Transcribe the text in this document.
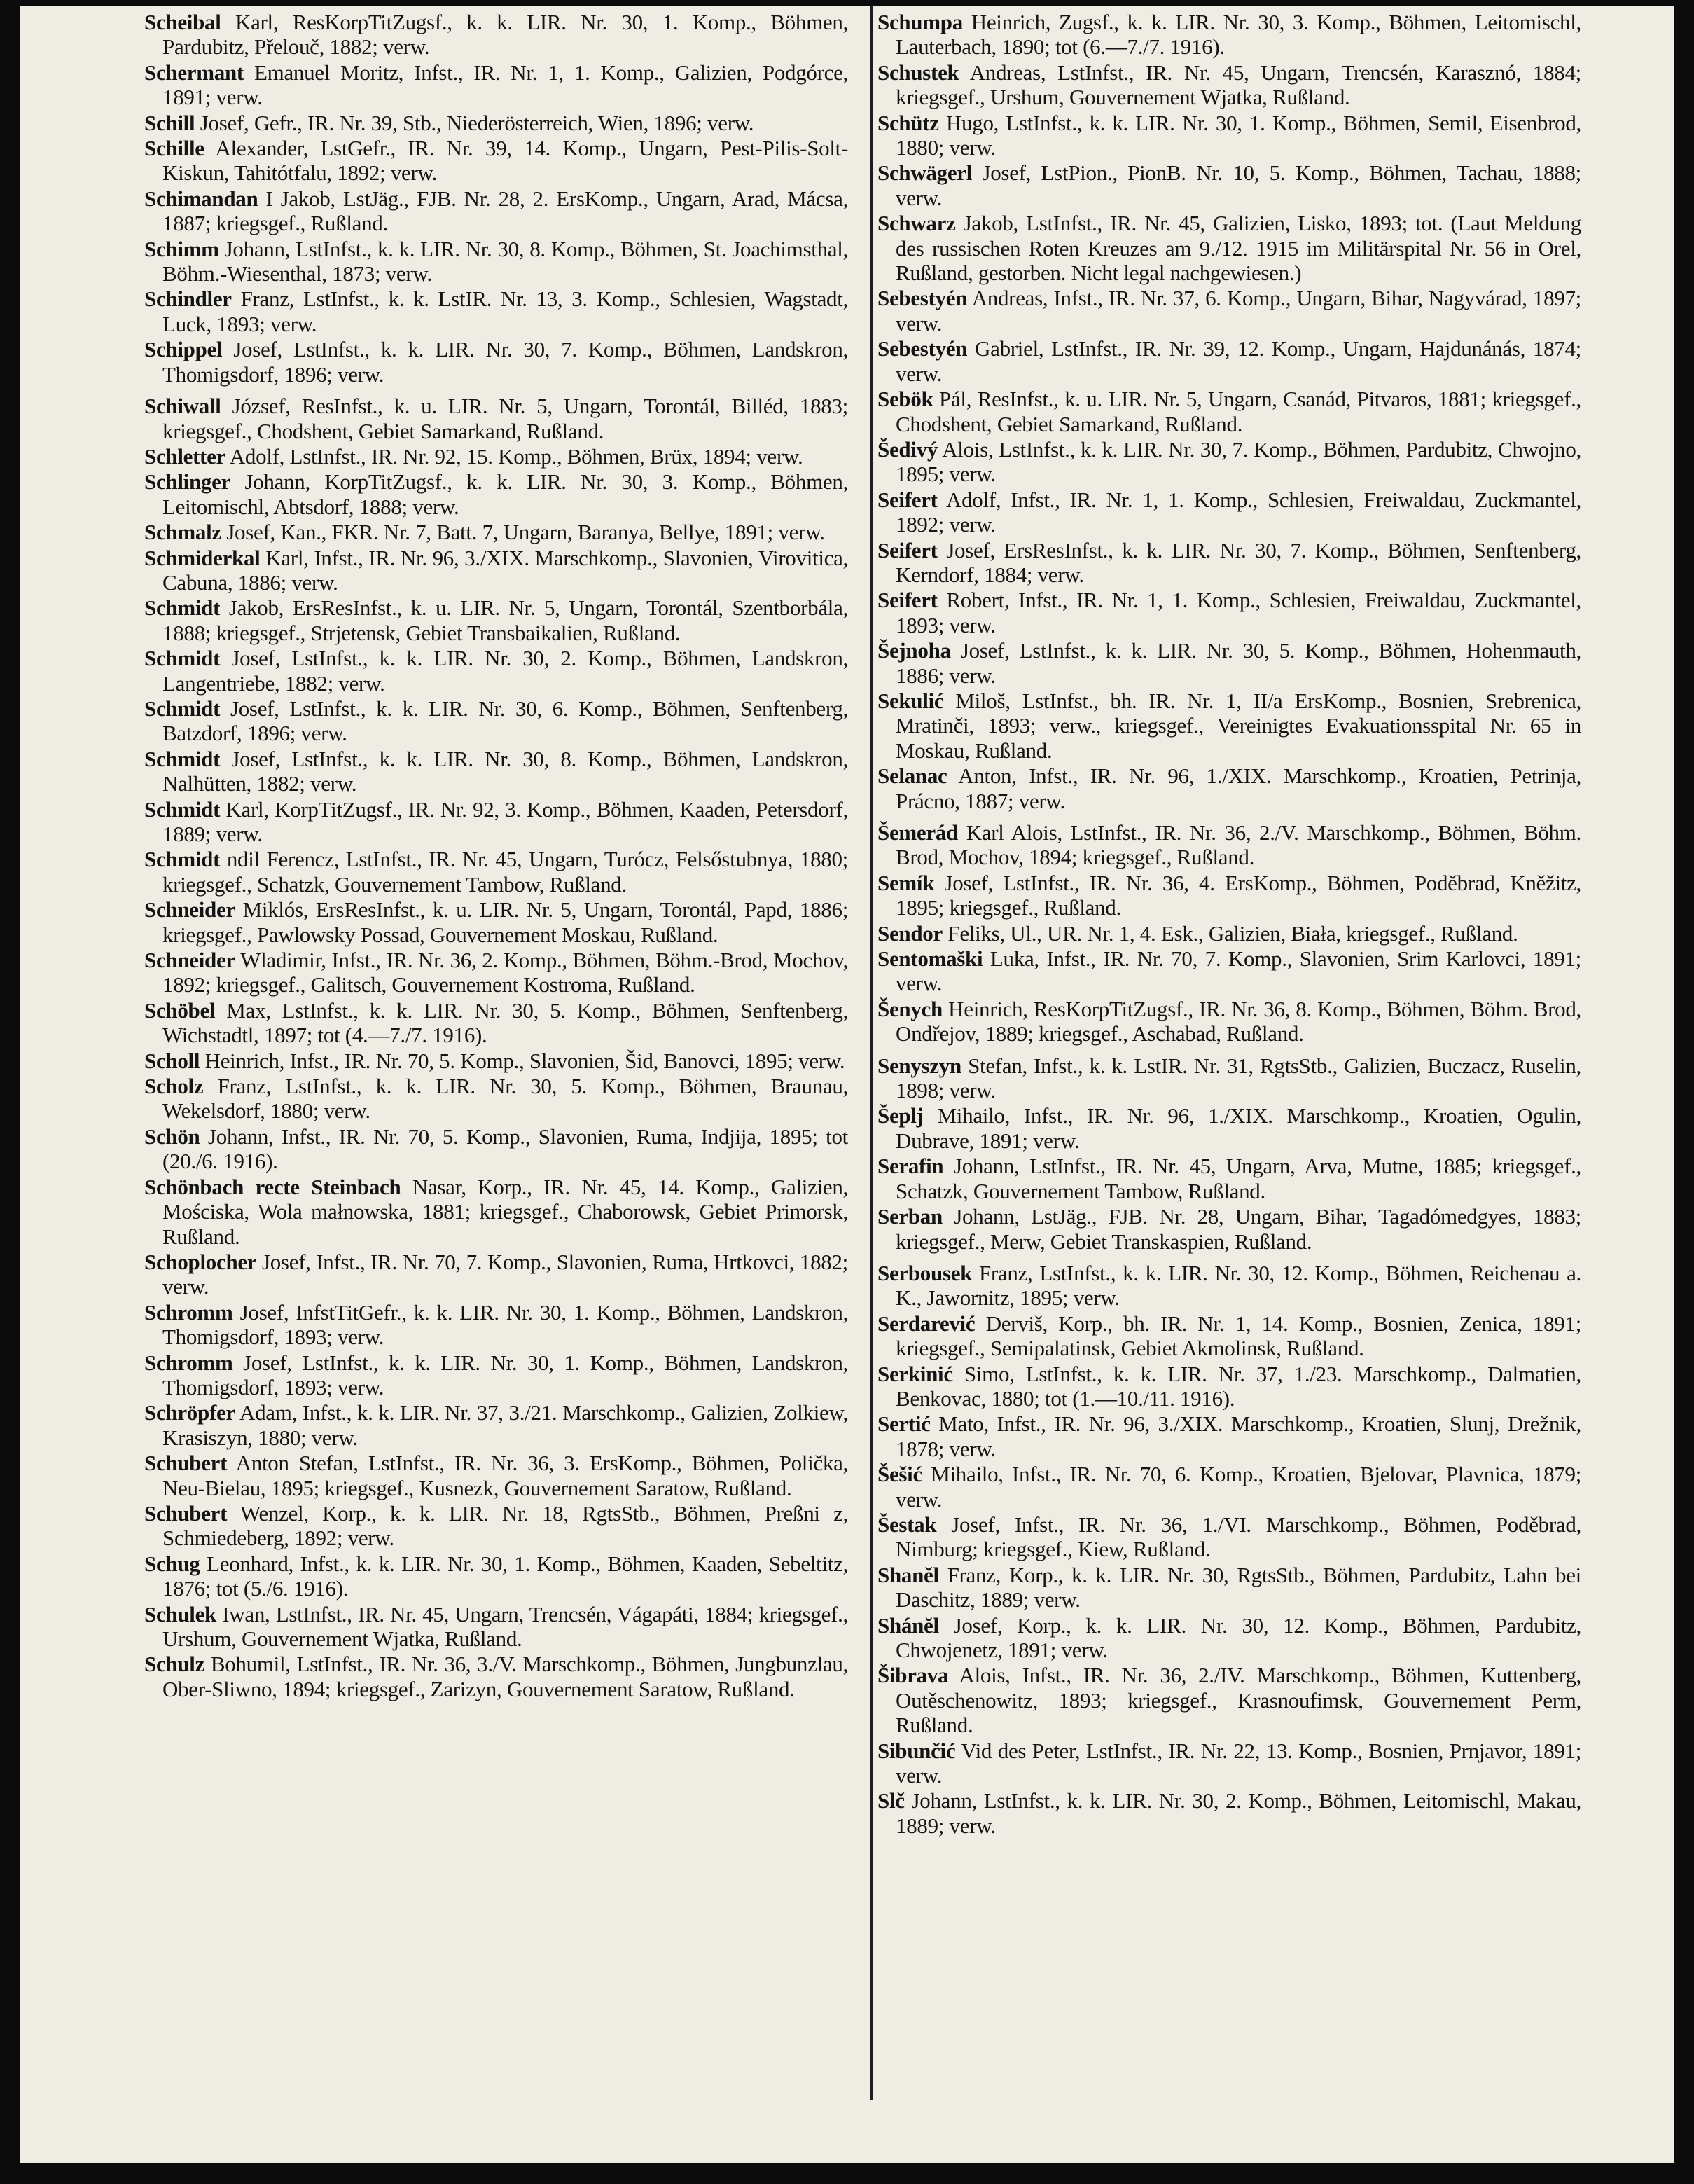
Scheibal Karl, ResKorpTitZugsf., k. k. LIR. Nr. 30, 1. Komp., Böhmen, Pardubitz, Přelouč, 1882; verw.

Schermant Emanuel Moritz, Infst., IR. Nr. 1, 1. Komp., Galizien, Podgórce, 1891; verw.

Schill Josef, Gefr., IR. Nr. 39, Stb., Niederösterreich, Wien, 1896; verw.

Schille Alexander, LstGefr., IR. Nr. 39, 14. Komp., Ungarn, Pest-Pilis-Solt-Kiskun, Tahitótfalu, 1892; verw.

Schimandan I Jakob, LstJäg., FJB. Nr. 28, 2. ErsKomp., Ungarn, Arad, Mácsa, 1887; kriegsgef., Rußland.

Schimm Johann, LstInfst., k. k. LIR. Nr. 30, 8. Komp., Böhmen, St. Joachimsthal, Böhm.-Wiesenthal, 1873; verw.

Schindler Franz, LstInfst., k. k. LstIR. Nr. 13, 3. Komp., Schlesien, Wagstadt, Luck, 1893; verw.

Schippel Josef, LstInfst., k. k. LIR. Nr. 30, 7. Komp., Böhmen, Landskron, Thomigsdorf, 1896; verw.

Schiwall József, ResInfst., k. u. LIR. Nr. 5, Ungarn, Torontál, Billéd, 1883; kriegsgef., Chodshent, Gebiet Samarkand, Rußland.

Schletter Adolf, LstInfst., IR. Nr. 92, 15. Komp., Böhmen, Brüx, 1894; verw.

Schlinger Johann, KorpTitZugsf., k. k. LIR. Nr. 30, 3. Komp., Böhmen, Leitomischl, Abtsdorf, 1888; verw.

Schmalz Josef, Kan., FKR. Nr. 7, Batt. 7, Ungarn, Baranya, Bellye, 1891; verw.

Schmiderkal Karl, Infst., IR. Nr. 96, 3./XIX. Marschkomp., Slavonien, Virovitica, Cabuna, 1886; verw.

Schmidt Jakob, ErsResInfst., k. u. LIR. Nr. 5, Ungarn, Torontál, Szentborbála, 1888; kriegsgef., Strjetensk, Gebiet Transbaikalien, Rußland.

Schmidt Josef, LstInfst., k. k. LIR. Nr. 30, 2. Komp., Böhmen, Landskron, Langentriebe, 1882; verw.

Schmidt Josef, LstInfst., k. k. LIR. Nr. 30, 6. Komp., Böhmen, Senftenberg, Batzdorf, 1896; verw.

Schmidt Josef, LstInfst., k. k. LIR. Nr. 30, 8. Komp., Böhmen, Landskron, Nalhütten, 1882; verw.

Schmidt Karl, KorpTitZugsf., IR. Nr. 92, 3. Komp., Böhmen, Kaaden, Petersdorf, 1889; verw.

Schmidt ndil Ferencz, LstInfst., IR. Nr. 45, Ungarn, Turócz, Felsőstubnya, 1880; kriegsgef., Schatzk, Gouvernement Tambow, Rußland.

Schneider Miklós, ErsResInfst., k. u. LIR. Nr. 5, Ungarn, Torontál, Papd, 1886; kriegsgef., Pawlowsky Possad, Gouvernement Moskau, Rußland.

Schneider Wladimir, Infst., IR. Nr. 36, 2. Komp., Böhmen, Böhm.-Brod, Mochov, 1892; kriegsgef., Galitsch, Gouvernement Kostroma, Rußland.

Schöbel Max, LstInfst., k. k. LIR. Nr. 30, 5. Komp., Böhmen, Senftenberg, Wichstadtl, 1897; tot (4.—7./7. 1916).

Scholl Heinrich, Infst., IR. Nr. 70, 5. Komp., Slavonien, Šid, Banovci, 1895; verw.

Scholz Franz, LstInfst., k. k. LIR. Nr. 30, 5. Komp., Böhmen, Braunau, Wekelsdorf, 1880; verw.

Schön Johann, Infst., IR. Nr. 70, 5. Komp., Slavonien, Ruma, Indjija, 1895; tot (20./6. 1916).

Schönbach recte Steinbach Nasar, Korp., IR. Nr. 45, 14. Komp., Galizien, Mościska, Wola małnowska, 1881; kriegsgef., Chaborowsk, Gebiet Primorsk, Rußland.

Schoplocher Josef, Infst., IR. Nr. 70, 7. Komp., Slavonien, Ruma, Hrtkovci, 1882; verw.

Schromm Josef, InfstTitGefr., k. k. LIR. Nr. 30, 1. Komp., Böhmen, Landskron, Thomigsdorf, 1893; verw.

Schromm Josef, LstInfst., k. k. LIR. Nr. 30, 1. Komp., Böhmen, Landskron, Thomigsdorf, 1893; verw.

Schröpfer Adam, Infst., k. k. LIR. Nr. 37, 3./21. Marschkomp., Galizien, Zolkiew, Krasiszyn, 1880; verw.

Schubert Anton Stefan, LstInfst., IR. Nr. 36, 3. ErsKomp., Böhmen, Polička, Neu-Bielau, 1895; kriegsgef., Kusnezk, Gouvernement Saratow, Rußland.

Schubert Wenzel, Korp., k. k. LIR. Nr. 18, RgtsStb., Böhmen, Preßni z, Schmiedeberg, 1892; verw.

Schug Leonhard, Infst., k. k. LIR. Nr. 30, 1. Komp., Böhmen, Kaaden, Sebeltitz, 1876; tot (5./6. 1916).

Schulek Iwan, LstInfst., IR. Nr. 45, Ungarn, Trencsén, Vágapáti, 1884; kriegsgef., Urshum, Gouvernement Wjatka, Rußland.

Schulz Bohumil, LstInfst., IR. Nr. 36, 3./V. Marschkomp., Böhmen, Jungbunzlau, Ober-Sliwno, 1894; kriegsgef., Zarizyn, Gouvernement Saratow, Rußland.

Schumpa Heinrich, Zugsf., k. k. LIR. Nr. 30, 3. Komp., Böhmen, Leitomischl, Lauterbach, 1890; tot (6.—7./7. 1916).

Schustek Andreas, LstInfst., IR. Nr. 45, Ungarn, Trencsén, Karasznó, 1884; kriegsgef., Urshum, Gouvernement Wjatka, Rußland.

Schütz Hugo, LstInfst., k. k. LIR. Nr. 30, 1. Komp., Böhmen, Semil, Eisenbrod, 1880; verw.

Schwägerl Josef, LstPion., PionB. Nr. 10, 5. Komp., Böhmen, Tachau, 1888; verw.

Schwarz Jakob, LstInfst., IR. Nr. 45, Galizien, Lisko, 1893; tot. (Laut Meldung des russischen Roten Kreuzes am 9./12. 1915 im Militärspital Nr. 56 in Orel, Rußland, gestorben. Nicht legal nachgewiesen.)

Sebestyén Andreas, Infst., IR. Nr. 37, 6. Komp., Ungarn, Bihar, Nagyvárad, 1897; verw.

Sebestyén Gabriel, LstInfst., IR. Nr. 39, 12. Komp., Ungarn, Hajdunánás, 1874; verw.

Sebök Pál, ResInfst., k. u. LIR. Nr. 5, Ungarn, Csanád, Pitvaros, 1881; kriegsgef., Chodshent, Gebiet Samarkand, Rußland.

Šedivý Alois, LstInfst., k. k. LIR. Nr. 30, 7. Komp., Böhmen, Pardubitz, Chwojno, 1895; verw.

Seifert Adolf, Infst., IR. Nr. 1, 1. Komp., Schlesien, Freiwaldau, Zuckmantel, 1892; verw.

Seifert Josef, ErsResInfst., k. k. LIR. Nr. 30, 7. Komp., Böhmen, Senftenberg, Kerndorf, 1884; verw.

Seifert Robert, Infst., IR. Nr. 1, 1. Komp., Schlesien, Freiwaldau, Zuckmantel, 1893; verw.

Šejnoha Josef, LstInfst., k. k. LIR. Nr. 30, 5. Komp., Böhmen, Hohenmauth, 1886; verw.

Sekulić Miloš, LstInfst., bh. IR. Nr. 1, II/a ErsKomp., Bosnien, Srebrenica, Mratinči, 1893; verw., kriegsgef., Vereinigtes Evakuationsspital Nr. 65 in Moskau, Rußland.

Selanac Anton, Infst., IR. Nr. 96, 1./XIX. Marschkomp., Kroatien, Petrinja, Prácno, 1887; verw.

Šemerád Karl Alois, LstInfst., IR. Nr. 36, 2./V. Marschkomp., Böhmen, Böhm. Brod, Mochov, 1894; kriegsgef., Rußland.

Semík Josef, LstInfst., IR. Nr. 36, 4. ErsKomp., Böhmen, Poděbrad, Kněžitz, 1895; kriegsgef., Rußland.

Sendor Feliks, Ul., UR. Nr. 1, 4. Esk., Galizien, Biała, kriegsgef., Rußland.

Sentomaški Luka, Infst., IR. Nr. 70, 7. Komp., Slavonien, Srim Karlovci, 1891; verw.

Šenych Heinrich, ResKorpTitZugsf., IR. Nr. 36, 8. Komp., Böhmen, Böhm. Brod, Ondřejov, 1889; kriegsgef., Aschabad, Rußland.

Senyszyn Stefan, Infst., k. k. LstIR. Nr. 31, RgtsStb., Galizien, Buczacz, Ruselin, 1898; verw.

Šeplj Mihailo, Infst., IR. Nr. 96, 1./XIX. Marschkomp., Kroatien, Ogulin, Dubrave, 1891; verw.

Serafin Johann, LstInfst., IR. Nr. 45, Ungarn, Arva, Mutne, 1885; kriegsgef., Schatzk, Gouvernement Tambow, Rußland.

Serban Johann, LstJäg., FJB. Nr. 28, Ungarn, Bihar, Tagadómedgyes, 1883; kriegsgef., Merw, Gebiet Transkaspien, Rußland.

Serbousek Franz, LstInfst., k. k. LIR. Nr. 30, 12. Komp., Böhmen, Reichenau a. K., Jawornitz, 1895; verw.

Serdarević Derviš, Korp., bh. IR. Nr. 1, 14. Komp., Bosnien, Zenica, 1891; kriegsgef., Semipalatinsk, Gebiet Akmolinsk, Rußland.

Serkinić Simo, LstInfst., k. k. LIR. Nr. 37, 1./23. Marschkomp., Dalmatien, Benkovac, 1880; tot (1.—10./11. 1916).

Sertić Mato, Infst., IR. Nr. 96, 3./XIX. Marschkomp., Kroatien, Slunj, Drežnik, 1878; verw.

Šešić Mihailo, Infst., IR. Nr. 70, 6. Komp., Kroatien, Bjelovar, Plavnica, 1879; verw.

Šestak Josef, Infst., IR. Nr. 36, 1./VI. Marschkomp., Böhmen, Poděbrad, Nimburg; kriegsgef., Kiew, Rußland.

Shaněl Franz, Korp., k. k. LIR. Nr. 30, RgtsStb., Böhmen, Pardubitz, Lahn bei Daschitz, 1889; verw.

Shánĕl Josef, Korp., k. k. LIR. Nr. 30, 12. Komp., Böhmen, Pardubitz, Chwojenetz, 1891; verw.

Šibrava Alois, Infst., IR. Nr. 36, 2./IV. Marschkomp., Böhmen, Kuttenberg, Outěschenowitz, 1893; kriegsgef., Krasnoufimsk, Gouvernement Perm, Rußland.

Sibunčić Vid des Peter, LstInfst., IR. Nr. 22, 13. Komp., Bosnien, Prnjavor, 1891; verw.

Slč Johann, LstInfst., k. k. LIR. Nr. 30, 2. Komp., Böhmen, Leitomischl, Makau, 1889; verw.
